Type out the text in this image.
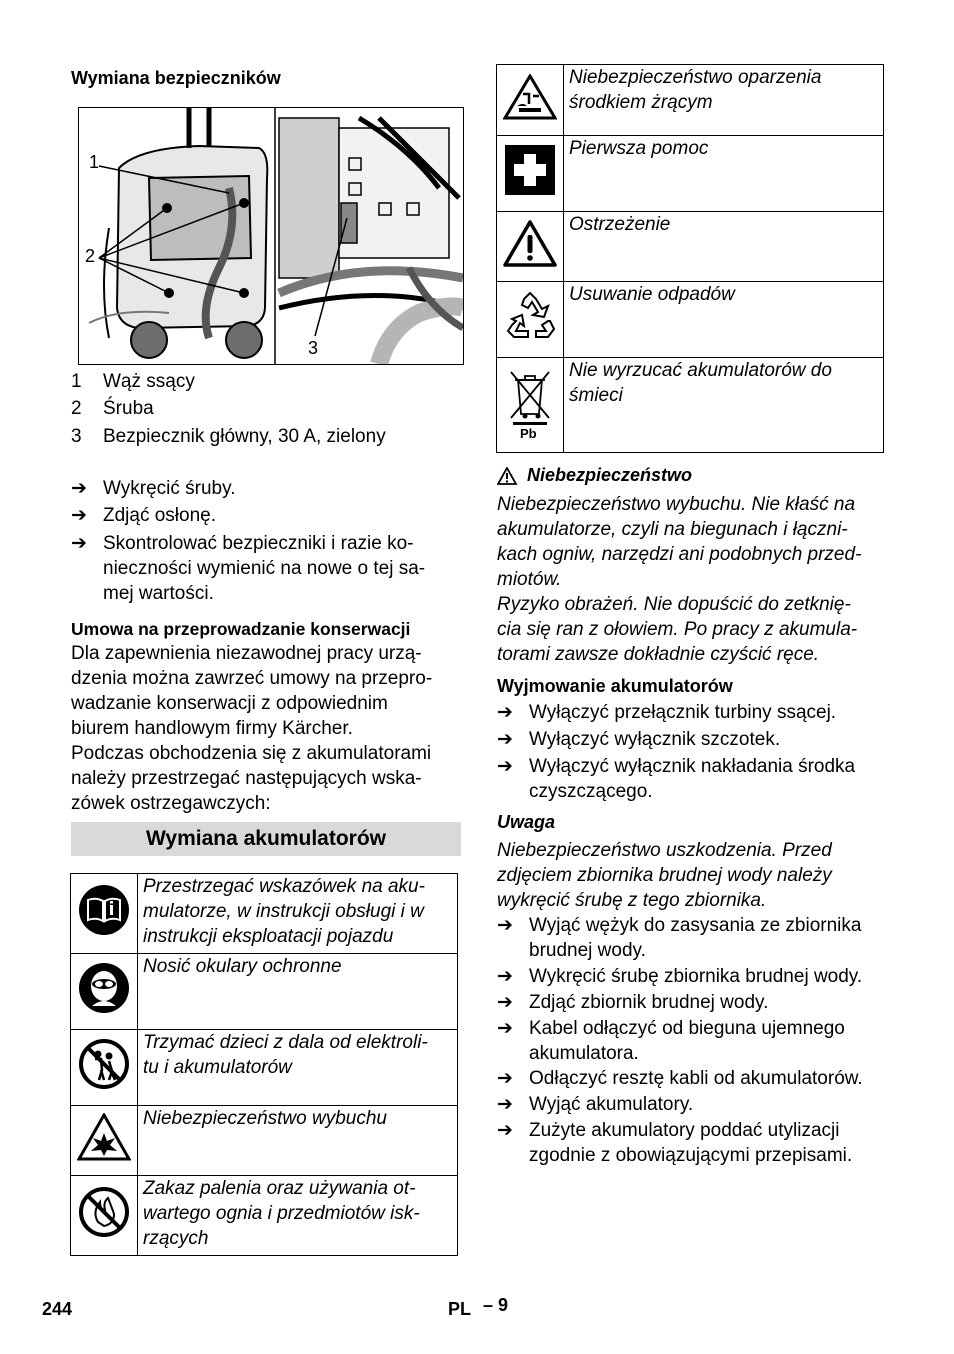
Wymiana bezpieczników
1
2
3
1	Wąż ssący
2	Śruba
3	Bezpiecznik główny, 30 A, zielony
➔ Wykręcić śruby.
➔ Zdjąć osłonę.
➔ Skontrolować bezpieczniki i razie ko-
nieczności wymienić na nowe o tej sa-
mej wartości.
Umowa na przeprowadzanie konserwacji
Dla zapewnienia niezawodnej pracy urzą-
dzenia można zawrzeć umowy na przepro-
wadzanie konserwacji z odpowiednim
biurem handlowym firmy Kärcher.
Podczas obchodzenia się z akumulatorami
należy przestrzegać następujących wska-
zówek ostrzegawczych:
Wymiana akumulatorów

Przestrzegać wskazówek na aku-
mulatorze, w instrukcji obsługi i w
instrukcji eksploatacji pojazdu

Nosić okulary ochronne

Trzymać dzieci z dala od elektroli-
tu i akumulatorów

Niebezpieczeństwo wybuchu

Zakaz palenia oraz używania ot-
wartego ognia i przedmiotów isk-
rzących

Niebezpieczeństwo oparzenia
środkiem żrącym

Pierwsza pomoc

Ostrzeżenie

Usuwanie odpadów

Pb	Nie wyrzucać akumulatorów do
śmieci
Niebezpieczeństwo
Niebezpieczeństwo wybuchu. Nie kłaść na
akumulatorze, czyli na biegunach i łączni-
kach ogniw, narzędzi ani podobnych przed-
miotów.
Ryzyko obrażeń. Nie dopuścić do zetknię-
cia się ran z ołowiem. Po pracy z akumula-
torami zawsze dokładnie czyścić ręce.
Wyjmowanie akumulatorów
➔ Wyłączyć przełącznik turbiny ssącej.
➔ Wyłączyć wyłącznik szczotek.
➔ Wyłączyć wyłącznik nakładania środka
czyszczącego.
Uwaga
Niebezpieczeństwo uszkodzenia. Przed
zdjęciem zbiornika brudnej wody należy
wykręcić śrubę z tego zbiornika.
➔ Wyjąć wężyk do zasysania ze zbiornika
brudnej wody.
➔ Wykręcić śrubę zbiornika brudnej wody.
➔ Zdjąć zbiornik brudnej wody.
➔ Kabel odłączyć od bieguna ujemnego
akumulatora.
➔ Odłączyć resztę kabli od akumulatorów.
➔ Wyjąć akumulatory.
➔ Zużyte akumulatory poddać utylizacji
zgodnie z obowiązującymi przepisami.
244	PL – 9
